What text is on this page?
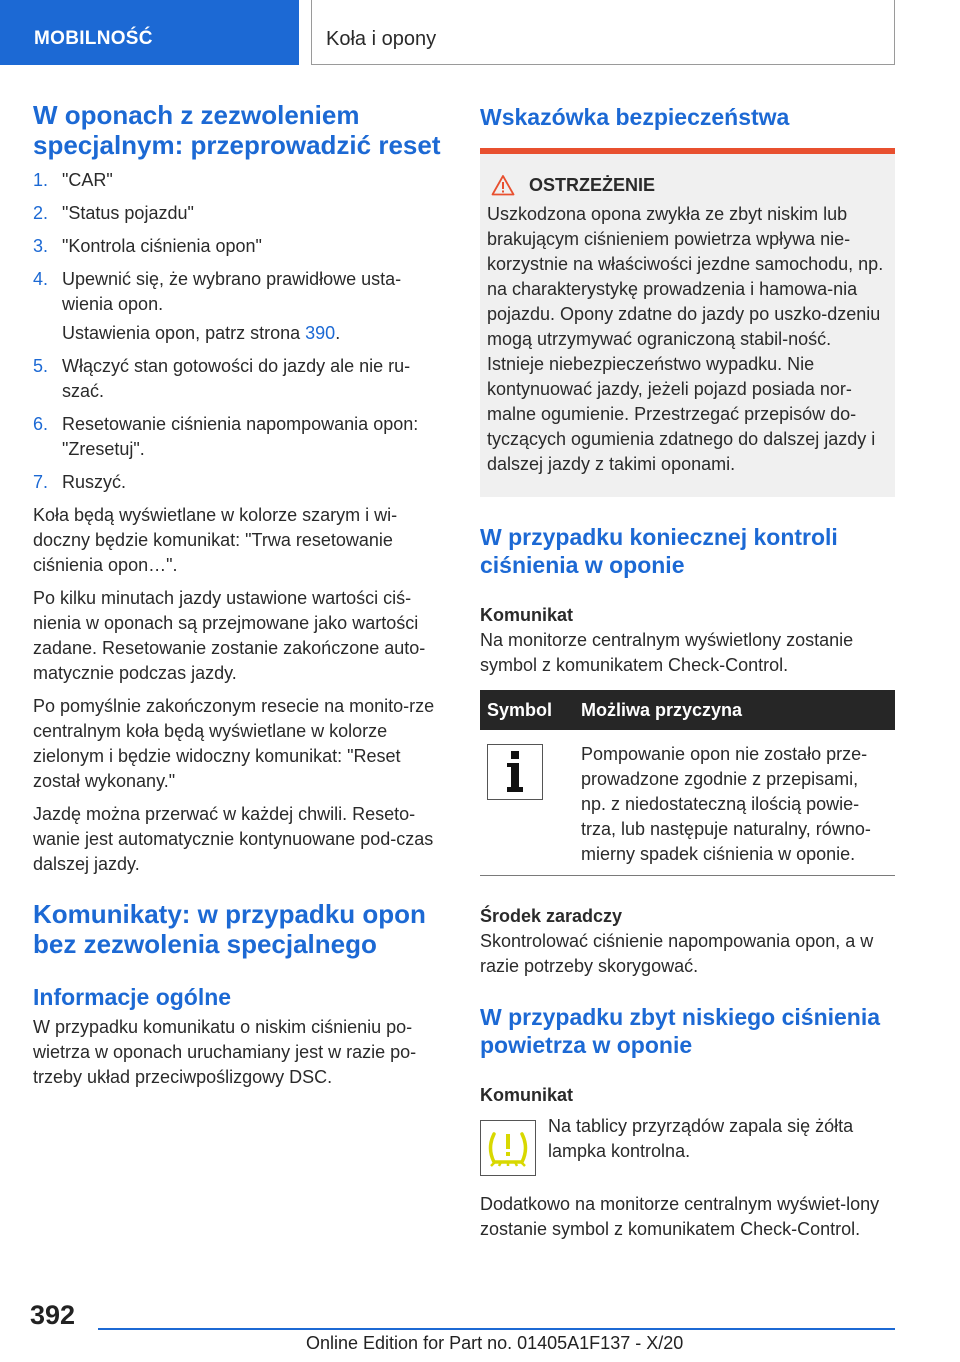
MOBILNOŚĆ	Koła i opony
W oponach z zezwoleniem specjalnym: przeprowadzić reset
1. "CAR"
2. "Status pojazdu"
3. "Kontrola ciśnienia opon"
4. Upewnić się, że wybrano prawidłowe usta-wienia opon.
Ustawienia opon, patrz strona 390.
5. Włączyć stan gotowości do jazdy ale nie ru-szać.
6. Resetowanie ciśnienia napompowania opon: "Zresetuj".
7. Ruszyć.

Koła będą wyświetlane w kolorze szarym i wi-doczny będzie komunikat: "Trwa resetowanie ciśnienia opon…".

Po kilku minutach jazdy ustawione wartości ciś-nienia w oponach są przejmowane jako wartości zadane. Resetowanie zostanie zakończone auto-matycznie podczas jazdy.

Po pomyślnie zakończonym resecie na monito-rze centralnym koła będą wyświetlane w kolorze zielonym i będzie widoczny komunikat: "Reset został wykonany."

Jazdę można przerwać w każdej chwili. Reseto-wanie jest automatycznie kontynuowane pod-czas dalszej jazdy.

Komunikaty: w przypadku opon bez zezwolenia specjalnego
Informacje ogólne

W przypadku komunikatu o niskim ciśnieniu po-wietrza w oponach uruchamiany jest w razie po-trzeby układ przeciwpoślizgowy DSC.

Wskazówka bezpieczeństwa
OSTRZEŻENIE

Uszkodzona opona zwykła ze zbyt niskim lub brakującym ciśnieniem powietrza wpływa nie-korzystnie na właściwości jezdne samochodu, np. na charakterystykę prowadzenia i hamowa-nia pojazdu. Opony zdatne do jazdy po uszko-dzeniu mogą utrzymywać ograniczoną stabil-ność. Istnieje niebezpieczeństwo wypadku. Nie kontynuować jazdy, jeżeli pojazd posiada nor-malne ogumienie. Przestrzegać przepisów do-tyczących ogumienia zdatnego do dalszej jazdy i dalszej jazdy z takimi oponami.

W przypadku koniecznej kontroli ciśnienia w oponie
Komunikat

Na monitorze centralnym wyświetlony zostanie symbol z komunikatem Check-Control.

Symbol	Możliwa przyczyna

	Pompowanie opon nie zostało prze-prowadzone zgodnie z przepisami, np. z niedostateczną ilością powie-trza, lub następuje naturalny, równo-mierny spadek ciśnienia w oponie.
Środek zaradczy

Skontrolować ciśnienie napompowania opon, a w razie potrzeby skorygować.

W przypadku zbyt niskiego ciśnienia powietrza w oponie
Komunikat

Na tablicy przyrządów zapala się żółta lampka kontrolna.

Dodatkowo na monitorze centralnym wyświet-lony zostanie symbol z komunikatem Check-Control.

392
Online Edition for Part no. 01405A1F137 - X/20
